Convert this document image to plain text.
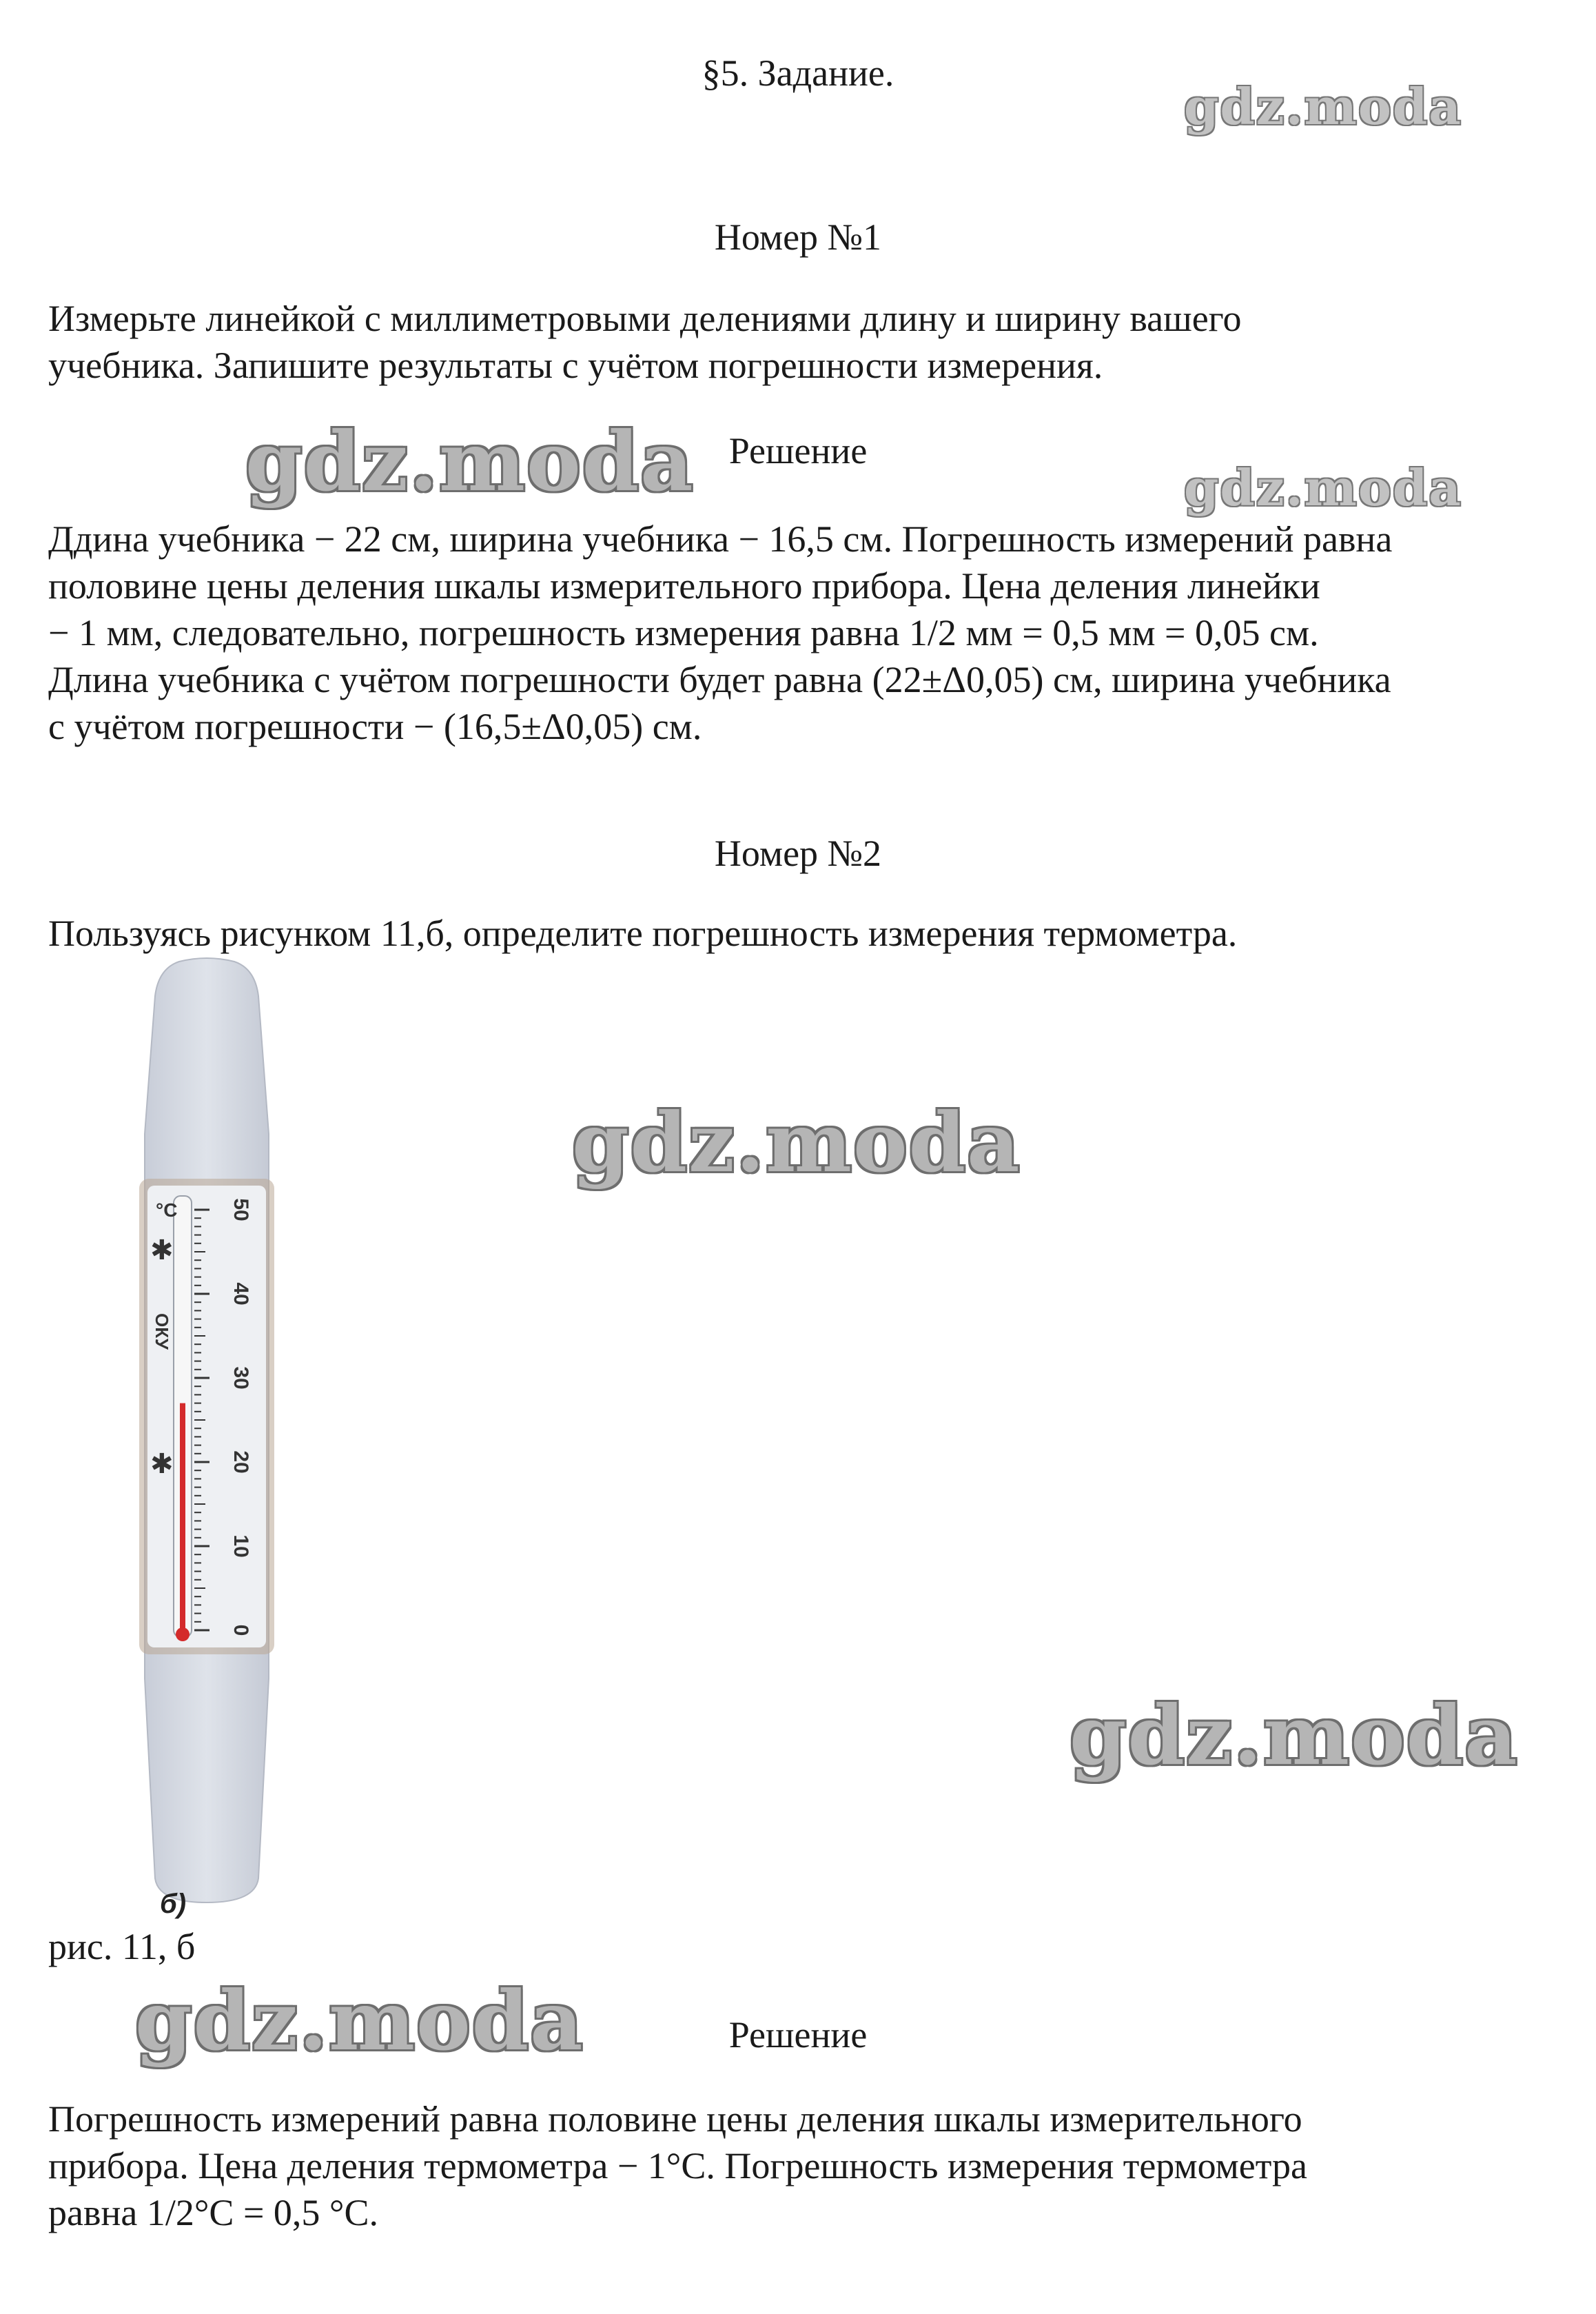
§5. Задание.
gdz.moda
Номер №1
Измерьте линейкой с миллиметровыми делениями длину и ширину вашего
учебника. Запишите результаты с учётом погрешности измерения.
gdz.moda Решение
gdz.moda
Ддина учебника − 22 см, ширина учебника − 16,5 см. Погрешность измерений равна
половине цены деления шкалы измерительного прибора. Цена деления линейки
− 1 мм, следовательно, погрешность измерения равна 1/2 мм = 0,5 мм = 0,05 см.
Длина учебника с учётом погрешности будет равна (22±Δ0,05) см, ширина учебника
с учётом погрешности − (16,5±Δ0,05) см.
Номер №2
Пользуясь рисунком 11,б, определите погрешность измерения термометра.
0
10
20
30
40
50
ОКУ
°C
✱
✱
б)
gdz.moda
gdz.moda
рис. 11, б
gdz.moda	Решение
Погрешность измерений равна половине цены деления шкалы измерительного
прибора. Цена деления термометра − 1°С. Погрешность измерения термометра
равна 1/2°С = 0,5 °С.
